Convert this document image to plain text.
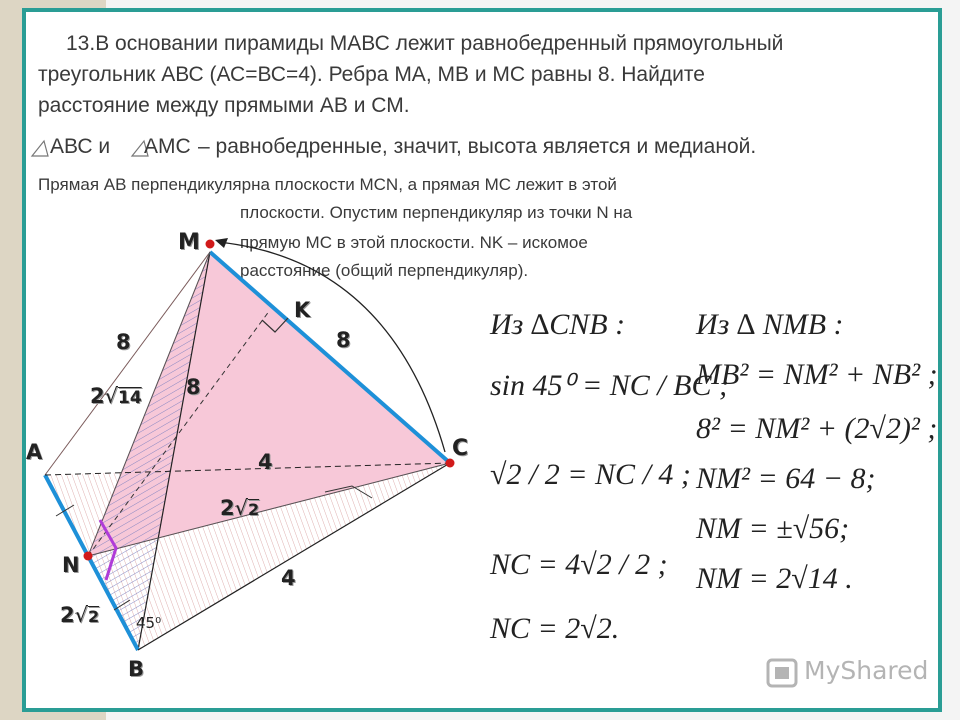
13.В основании пирамиды МАВС лежит равнобедренный прямоугольный
треугольник АВС (АС=ВС=4). Ребра МА, МВ и МС равны 8. Найдите
расстояние между прямыми АВ и СМ.
АВС и АМС – равнобедренные, значит, высота является и медианой.
Прямая АВ перпендикулярна плоскости МСN, а прямая МС лежит в этой
плоскости. Опустим перпендикуляр из точки N на
прямую МС в этой плоскости. NK – искомое
расстояние (общий перпендикуляр).
M
A
B
C
N
K
8
8
8
2√14
4
2√2
4
2√2 45⁰
Из ∆CNB :
sin 45⁰ = NC / BC ;
√2 / 2 = NC / 4 ;
NC = 4√2 / 2 ;
NC = 2√2.
Из ∆ NMB :
MB² = NM² + NB² ;
8² = NM² + (2√2)² ;
NM² = 64 − 8;
NM = ±√56;
NM = 2√14 .
MyShared
